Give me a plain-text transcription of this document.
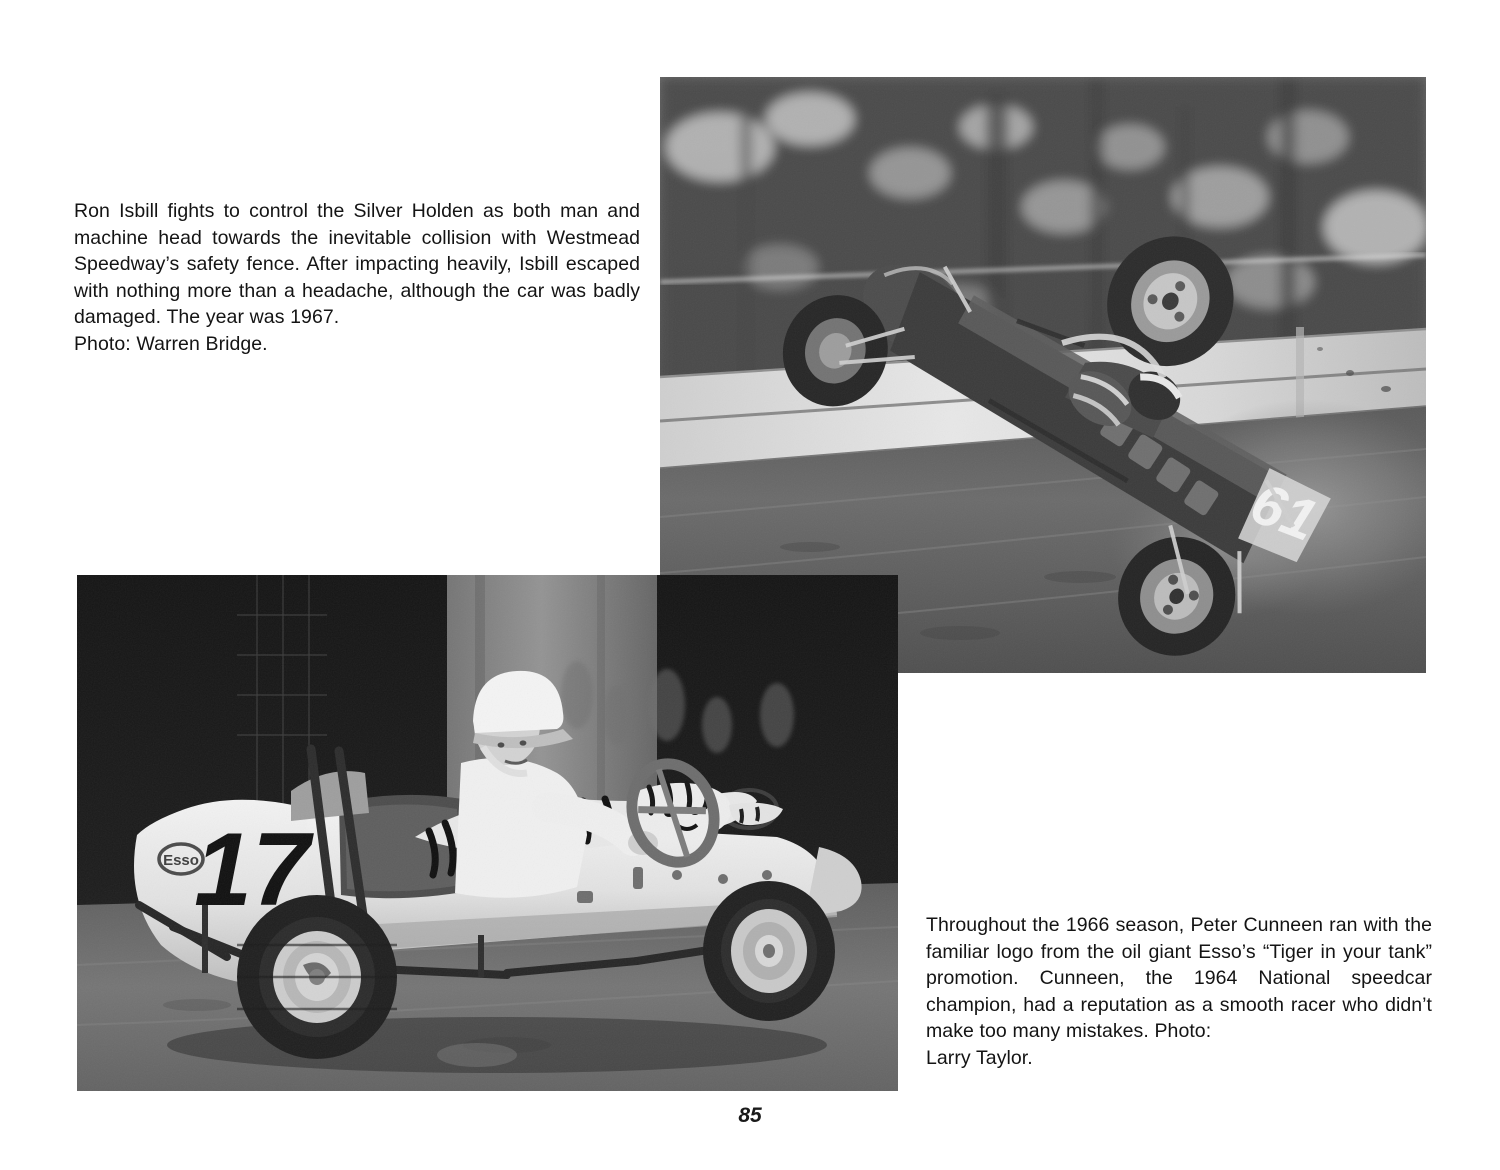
Ron Isbill fights to control the Silver Holden as both man and machine head towards the inevitable collision with Westmead Speedway’s safety fence. After impacting heavily, Isbill escaped with nothing more than a headache, although the car was badly damaged. The year was 1967.

Photo: Warren Bridge.

Throughout the 1966 season, Peter Cunneen ran with the familiar logo from the oil giant Esso’s “Tiger in your tank” promotion. Cunneen, the 1964 National speedcar champion, had a reputation as a smooth racer who didn’t make too many mistakes. Photo:

Larry Taylor.

85
